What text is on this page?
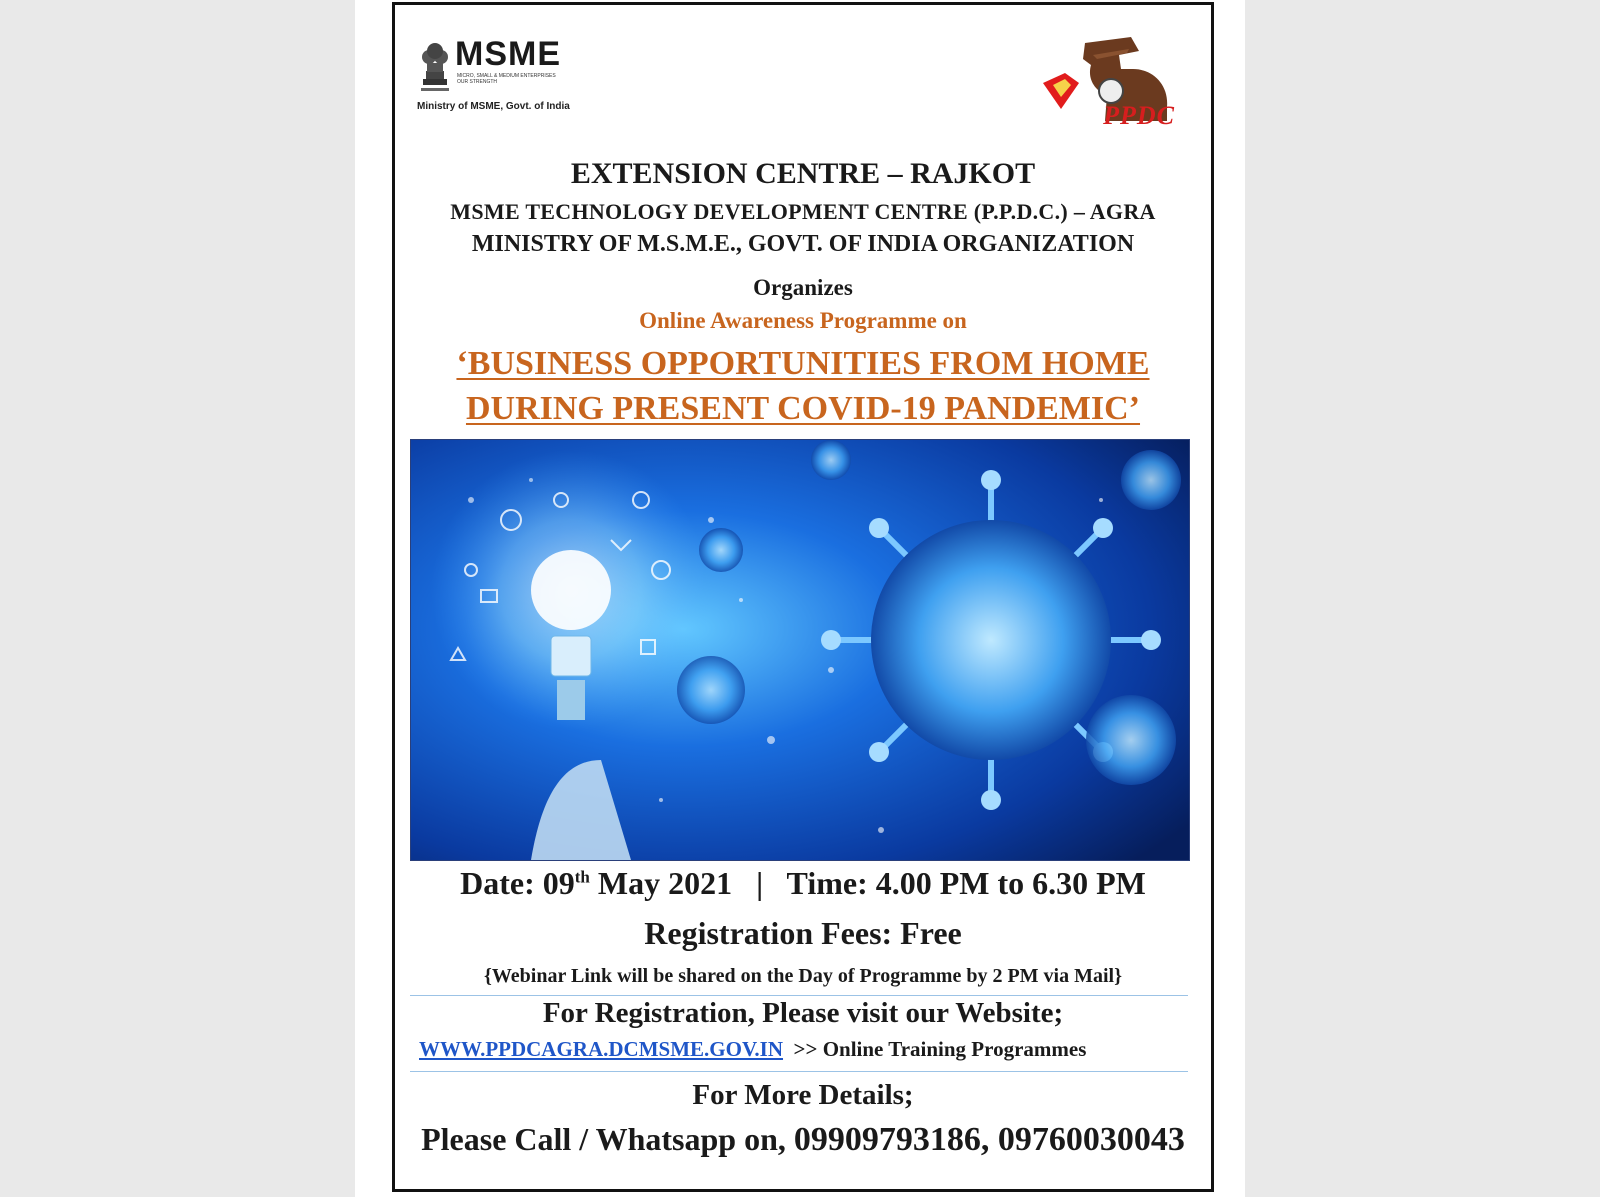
MSME
MICRO, SMALL & MEDIUM ENTERPRISES
OUR STRENGTH
Ministry of MSME, Govt. of India	PPDC
EXTENSION CENTRE – RAJKOT
MSME TECHNOLOGY DEVELOPMENT CENTRE (P.P.D.C.) – AGRA
MINISTRY OF M.S.M.E., GOVT. OF INDIA ORGANIZATION
Organizes
Online Awareness Programme on
‘BUSINESS OPPORTUNITIES FROM HOME
DURING PRESENT COVID-19 PANDEMIC’
Date: 09th May 2021 | Time: 4.00 PM to 6.30 PM
Registration Fees: Free
{Webinar Link will be shared on the Day of Programme by 2 PM via Mail}
For Registration, Please visit our Website;
WWW.PPDCAGRA.DCMSME.GOV.IN >> Online Training Programmes
For More Details;
Please Call / Whatsapp on, 09909793186, 09760030043
